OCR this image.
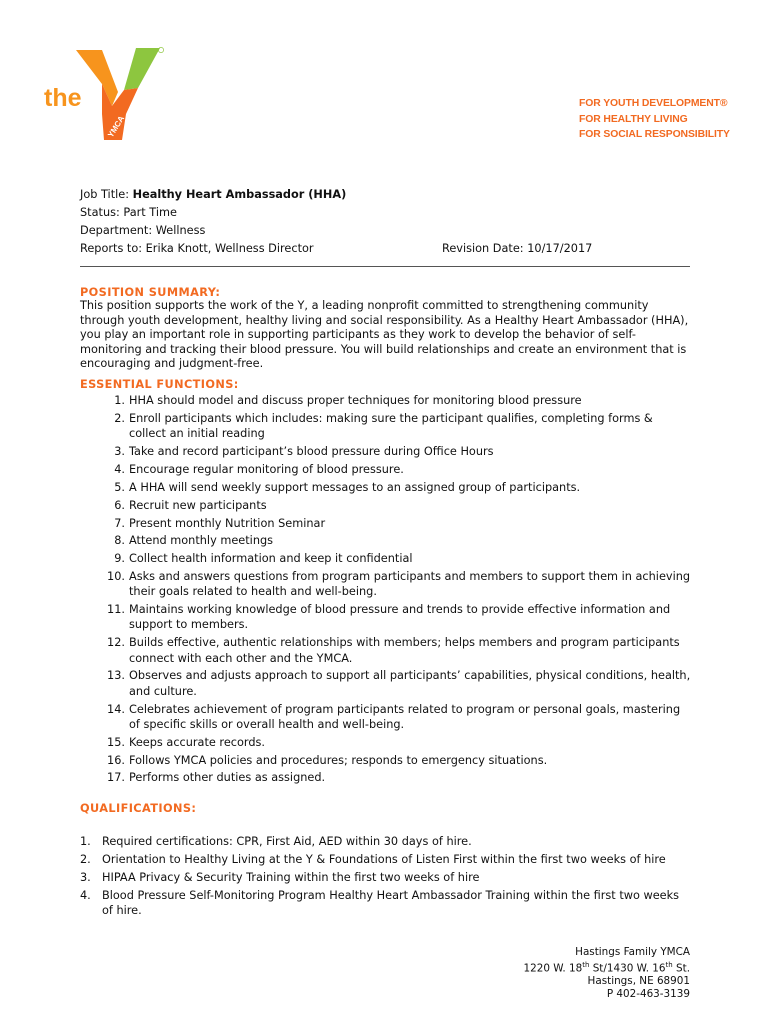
the
YMCA
FOR YOUTH DEVELOPMENT®
FOR HEALTHY LIVING
FOR SOCIAL RESPONSIBILITY
Job Title: Healthy Heart Ambassador (HHA)
Status: Part Time
Department: Wellness
Reports to: Erika Knott, Wellness Director	Revision Date: 10/17/2017
POSITION SUMMARY:

This position supports the work of the Y, a leading nonprofit committed to strengthening community through youth development, healthy living and social responsibility. As a Healthy Heart Ambassador (HHA), you play an important role in supporting participants as they work to develop the behavior of self-monitoring and tracking their blood pressure. You will build relationships and create an environment that is encouraging and judgment-free.

ESSENTIAL FUNCTIONS:
1. HHA should model and discuss proper techniques for monitoring blood pressure
2. Enroll participants which includes: making sure the participant qualifies, completing forms & collect an initial reading
3. Take and record participant’s blood pressure during Office Hours
4. Encourage regular monitoring of blood pressure.
5. A HHA will send weekly support messages to an assigned group of participants.
6. Recruit new participants
7. Present monthly Nutrition Seminar
8. Attend monthly meetings
9. Collect health information and keep it confidential
10. Asks and answers questions from program participants and members to support them in achieving their goals related to health and well-being.
11. Maintains working knowledge of blood pressure and trends to provide effective information and support to members.
12. Builds effective, authentic relationships with members; helps members and program participants connect with each other and the YMCA.
13. Observes and adjusts approach to support all participants’ capabilities, physical conditions, health, and culture.
14. Celebrates achievement of program participants related to program or personal goals, mastering of specific skills or overall health and well-being.
15. Keeps accurate records.
16. Follows YMCA policies and procedures; responds to emergency situations.
17. Performs other duties as assigned.
QUALIFICATIONS:
1. Required certifications: CPR, First Aid, AED within 30 days of hire.
2. Orientation to Healthy Living at the Y & Foundations of Listen First within the first two weeks of hire
3. HIPAA Privacy & Security Training within the first two weeks of hire
4. Blood Pressure Self-Monitoring Program Healthy Heart Ambassador Training within the first two weeks of hire.
Hastings Family YMCA
1220 W. 18th St/1430 W. 16th St.
Hastings, NE 68901
P 402-463-3139
